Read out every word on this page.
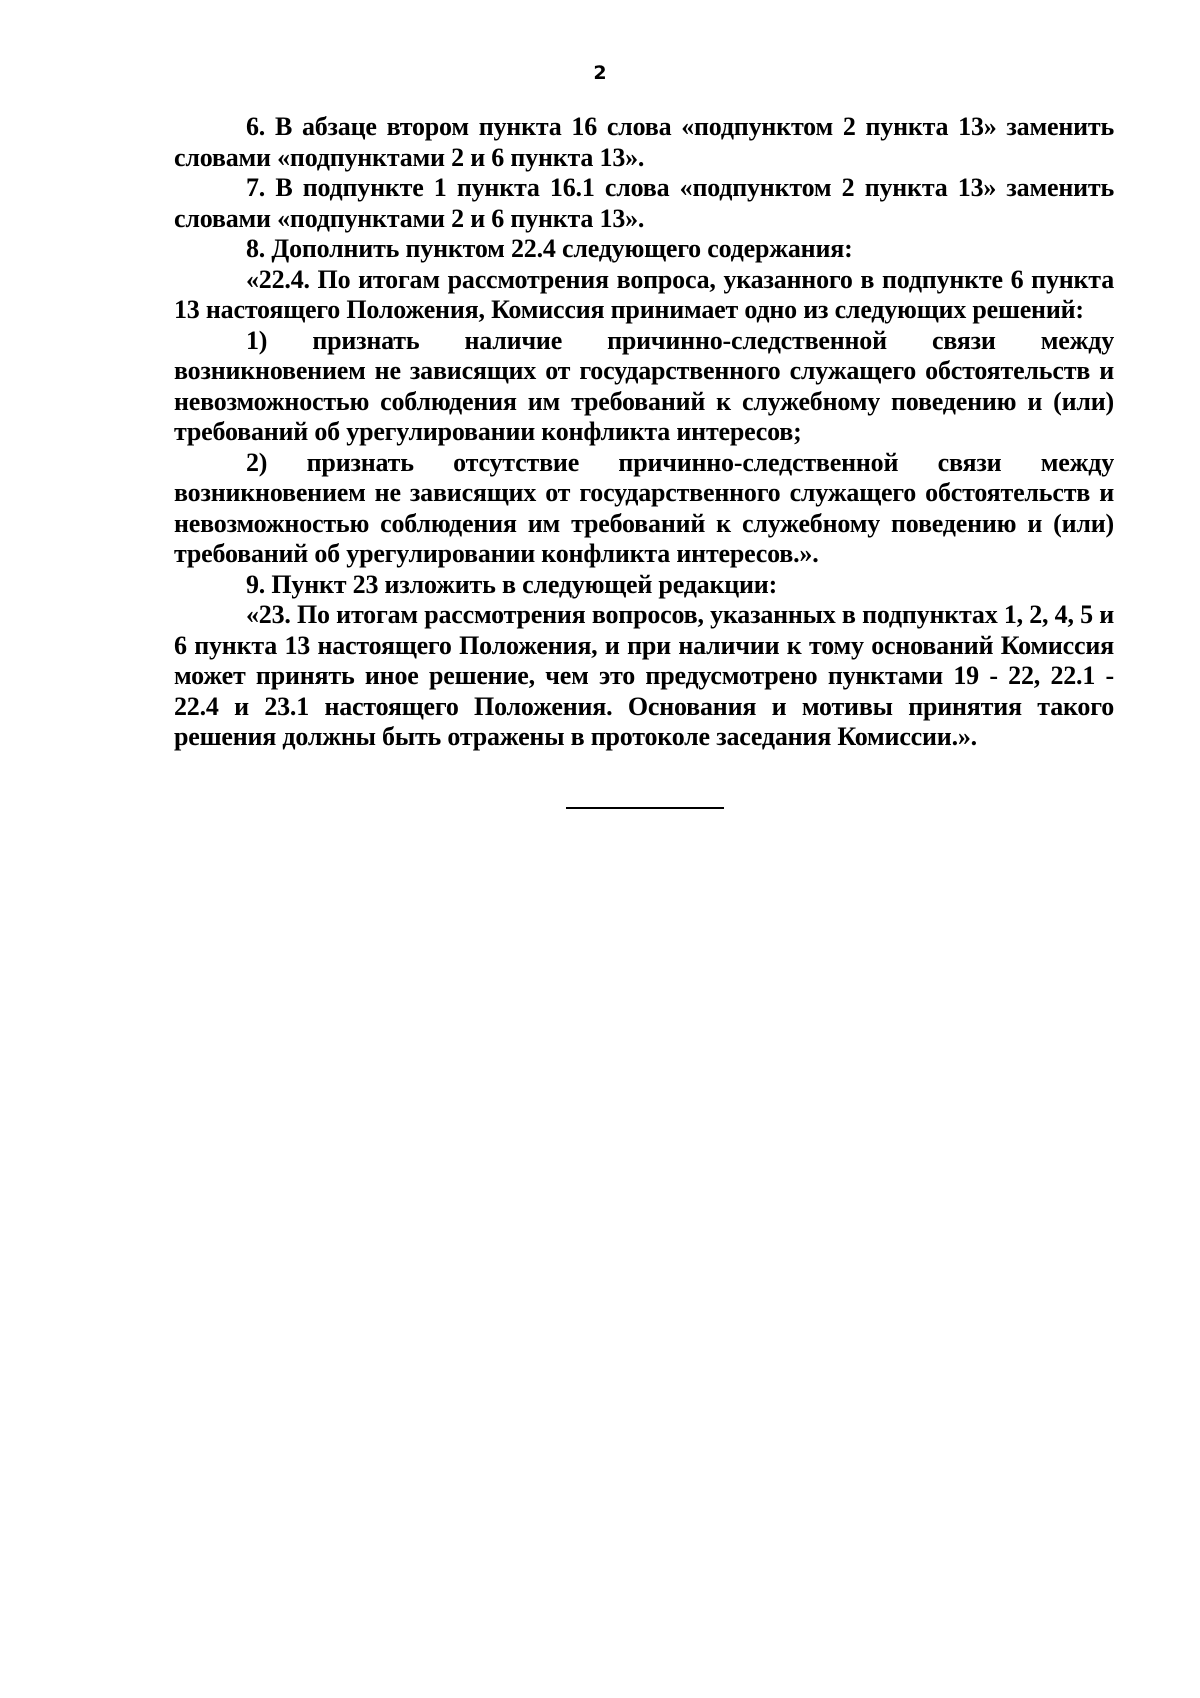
2

6. В абзаце втором пункта 16 слова «подпунктом 2 пункта 13» заменить словами «подпунктами 2 и 6 пункта 13».

7. В подпункте 1 пункта 16.1 слова «подпунктом 2 пункта 13» заменить словами «подпунктами 2 и 6 пункта 13».

8. Дополнить пунктом 22.4 следующего содержания:

«22.4. По итогам рассмотрения вопроса, указанного в подпункте 6 пункта 13 настоящего Положения, Комиссия принимает одно из следующих решений:

1) признать наличие причинно-следственной связи между возникновением не зависящих от государственного служащего обстоятельств и невозможностью соблюдения им требований к служебному поведению и (или) требований об урегулировании конфликта интересов;

2) признать отсутствие причинно-следственной связи между возникновением не зависящих от государственного служащего обстоятельств и невозможностью соблюдения им требований к служебному поведению и (или) требований об урегулировании конфликта интересов.».

9. Пункт 23 изложить в следующей редакции:

«23. По итогам рассмотрения вопросов, указанных в подпунктах 1, 2, 4, 5 и 6 пункта 13 настоящего Положения, и при наличии к тому оснований Комиссия может принять иное решение, чем это предусмотрено пунктами 19 - 22, 22.1 - 22.4 и 23.1 настоящего Положения. Основания и мотивы принятия такого решения должны быть отражены в протоколе заседания Комиссии.».
